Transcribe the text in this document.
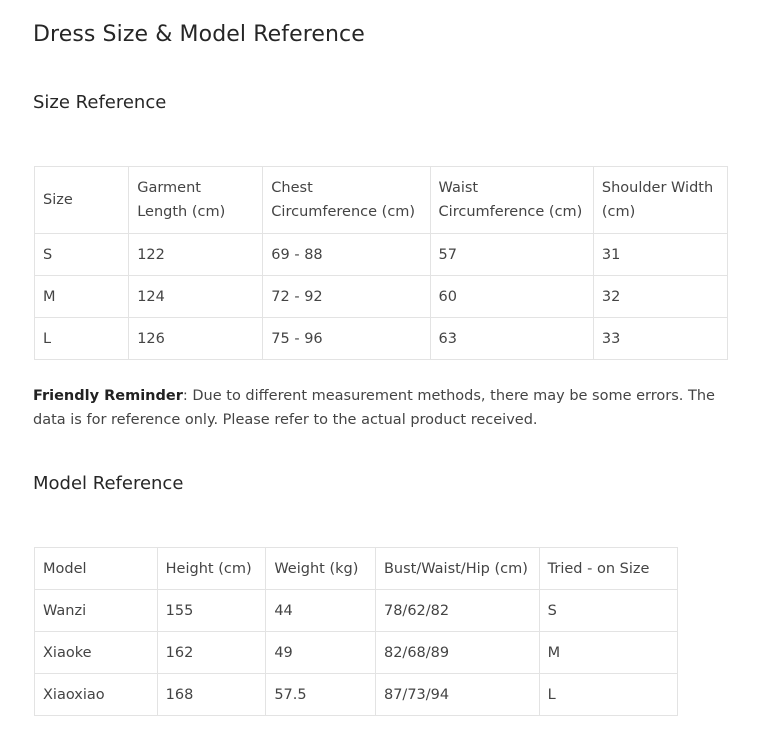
Dress Size & Model Reference
Size Reference
Size	Garment Length (cm)	Chest Circumference (cm)	Waist Circumference (cm)	Shoulder Width (cm)
S	122	69 - 88	57	31
M	124	72 - 92	60	32
L	126	75 - 96	63	33

Friendly Reminder: Due to different measurement methods, there may be some errors. The data is for reference only. Please refer to the actual product received.

Model Reference
Model	Height (cm)	Weight (kg)	Bust/Waist/Hip (cm)	Tried - on Size
Wanzi	155	44	78/62/82	S
Xiaoke	162	49	82/68/89	M
Xiaoxiao	168	57.5	87/73/94	L
